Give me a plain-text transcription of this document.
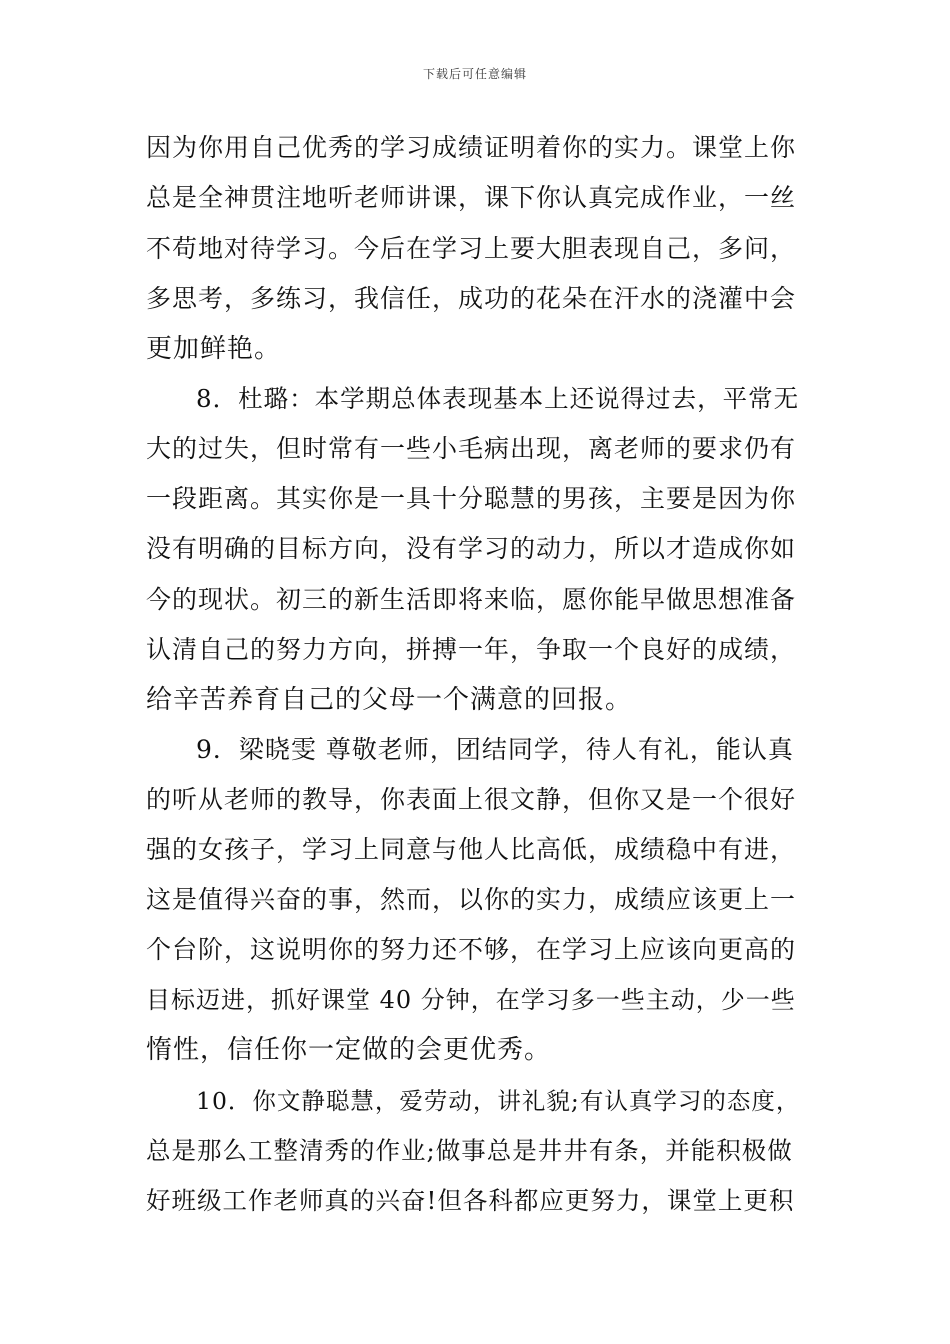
下载后可任意编辑
因为你用自己优秀的学习成绩证明着你的实力。课堂上你
总是全神贯注地听老师讲课，课下你认真完成作业，一丝
不苟地对待学习。今后在学习上要大胆表现自己，多问，
多思考，多练习，我信任，成功的花朵在汗水的浇灌中会
更加鲜艳。
8．杜璐：本学期总体表现基本上还说得过去，平常无
大的过失，但时常有一些小毛病出现，离老师的要求仍有
一段距离。其实你是一具十分聪慧的男孩，主要是因为你
没有明确的目标方向，没有学习的动力，所以才造成你如
今的现状。初三的新生活即将来临，愿你能早做思想准备
认清自己的努力方向，拼搏一年，争取一个良好的成绩，
给辛苦养育自己的父母一个满意的回报。
9．梁晓雯 尊敬老师，团结同学，待人有礼，能认真
的听从老师的教导，你表面上很文静，但你又是一个很好
强的女孩子，学习上同意与他人比高低，成绩稳中有进，
这是值得兴奋的事，然而，以你的实力，成绩应该更上一
个台阶，这说明你的努力还不够，在学习上应该向更高的
目标迈进，抓好课堂 40 分钟，在学习多一些主动，少一些
惰性，信任你一定做的会更优秀。
10．你文静聪慧，爱劳动，讲礼貌;有认真学习的态度，
总是那么工整清秀的作业;做事总是井井有条，并能积极做
好班级工作老师真的兴奋!但各科都应更努力，课堂上更积
